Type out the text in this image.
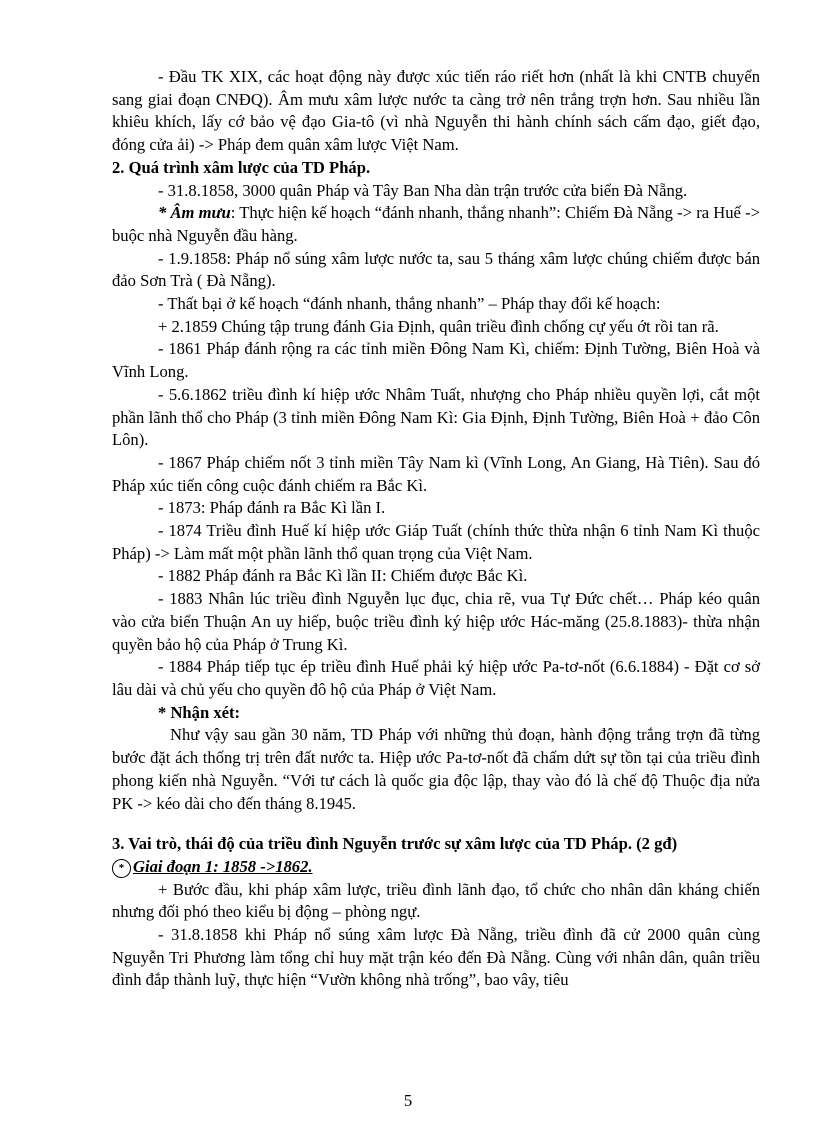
- Đầu TK XIX, các hoạt động này được xúc tiến ráo riết hơn (nhất là khi CNTB chuyển sang giai đoạn CNĐQ). Âm mưu xâm lược nước ta càng trở nên trắng trợn hơn. Sau nhiều lần khiêu khích, lấy cớ bảo vệ đạo Gia-tô (vì nhà Nguyễn thi hành chính sách cấm đạo, giết đạo, đóng cửa ải) -> Pháp đem quân xâm lược Việt Nam.

2. Quá trình xâm lược của TD Pháp.

- 31.8.1858, 3000 quân Pháp và Tây Ban Nha dàn trận trước cửa biển Đà Nẵng.

* Âm mưu: Thực hiện kế hoạch “đánh nhanh, thắng nhanh”: Chiếm Đà Nẵng -> ra Huế -> buộc nhà Nguyễn đầu hàng.

- 1.9.1858: Pháp nổ súng xâm lược nước ta, sau 5 tháng xâm lược chúng chiếm được bán đảo Sơn Trà ( Đà Nẵng).

- Thất bại ở kế hoạch “đánh nhanh, thắng nhanh” – Pháp thay đổi kế hoạch:

+ 2.1859 Chúng tập trung đánh Gia Định, quân triều đình chống cự yếu ớt rồi tan rã.

- 1861 Pháp đánh rộng ra các tỉnh miền Đông Nam Kì, chiếm: Định Tường, Biên Hoà và Vĩnh Long.

- 5.6.1862 triều đình kí hiệp ước Nhâm Tuất, nhượng cho Pháp nhiều quyền lợi, cắt một phần lãnh thổ cho Pháp (3 tỉnh miền Đông Nam Kì: Gia Định, Định Tường, Biên Hoà + đảo Côn Lôn).

- 1867 Pháp chiếm nốt 3 tỉnh miền Tây Nam kì (Vĩnh Long, An Giang, Hà Tiên). Sau đó Pháp xúc tiến công cuộc đánh chiếm ra Bắc Kì.

- 1873: Pháp đánh ra Bắc Kì lần I.

- 1874 Triều đình Huế kí hiệp ước Giáp Tuất (chính thức thừa nhận 6 tỉnh Nam Kì thuộc Pháp) -> Làm mất một phần lãnh thổ quan trọng của Việt Nam.

- 1882 Pháp đánh ra Bắc Kì lần II: Chiếm được Bắc Kì.

- 1883 Nhân lúc triều đình Nguyễn lục đục, chia rẽ, vua Tự Đức chết… Pháp kéo quân vào cửa biển Thuận An uy hiếp, buộc triều đình ký hiệp ước Hác-măng (25.8.1883)- thừa nhận quyền bảo hộ của Pháp ở Trung Kì.

- 1884 Pháp tiếp tục ép triều đình Huế phải ký hiệp ước Pa-tơ-nốt (6.6.1884) - Đặt cơ sở lâu dài và chủ yếu cho quyền đô hộ của Pháp ở Việt Nam.

* Nhận xét:

Như vậy sau gần 30 năm, TD Pháp với những thủ đoạn, hành động trắng trợn đã từng bước đặt ách thống trị trên đất nước ta. Hiệp ước Pa-tơ-nốt đã chấm dứt sự tồn tại của triều đình phong kiến nhà Nguyễn. “Với tư cách là quốc gia độc lập, thay vào đó là chế độ Thuộc địa nửa PK -> kéo dài cho đến tháng 8.1945.

3. Vai trò, thái độ của triều đình Nguyễn trước sự xâm lược của TD Pháp. (2 gđ)

* Giai đoạn 1: 1858 ->1862.

+ Bước đầu, khi pháp xâm lược, triều đình lãnh đạo, tổ chức cho nhân dân kháng chiến nhưng đối phó theo kiểu bị động – phòng ngự.

- 31.8.1858 khi Pháp nổ súng xâm lược Đà Nẵng, triều đình đã cử 2000 quân cùng Nguyễn Tri Phương làm tổng chỉ huy mặt trận kéo đến Đà Nẵng. Cùng với nhân dân, quân triều đình đắp thành luỹ, thực hiện “Vườn không nhà trống”, bao vây, tiêu

5
